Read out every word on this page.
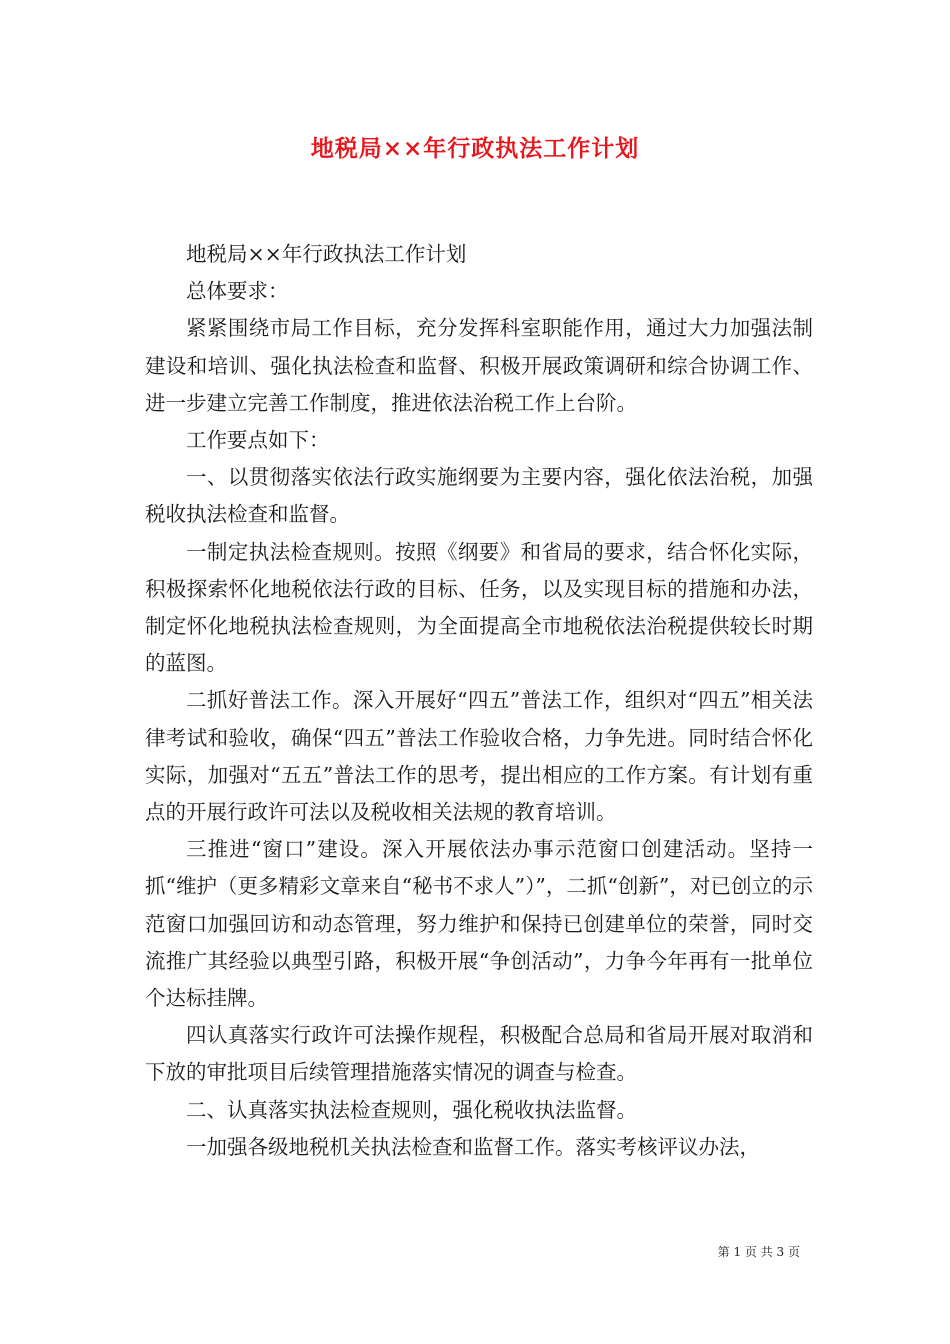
地税局××年行政执法工作计划

地税局××年行政执法工作计划

总体要求：

紧紧围绕市局工作目标，充分发挥科室职能作用，通过大力加强法制建设和培训、强化执法检查和监督、积极开展政策调研和综合协调工作、进一步建立完善工作制度，推进依法治税工作上台阶。

工作要点如下：

一、以贯彻落实依法行政实施纲要为主要内容，强化依法治税，加强税收执法检查和监督。

一制定执法检查规则。按照《纲要》和省局的要求，结合怀化实际，积极探索怀化地税依法行政的目标、任务，以及实现目标的措施和办法，制定怀化地税执法检查规则，为全面提高全市地税依法治税提供较长时期的蓝图。

二抓好普法工作。深入开展好“四五”普法工作，组织对“四五”相关法律考试和验收，确保“四五”普法工作验收合格，力争先进。同时结合怀化实际，加强对“五五”普法工作的思考，提出相应的工作方案。有计划有重点的开展行政许可法以及税收相关法规的教育培训。

三推进“窗口”建设。深入开展依法办事示范窗口创建活动。坚持一抓“维护（更多精彩文章来自“秘书不求人”）”，二抓“创新”，对已创立的示范窗口加强回访和动态管理，努力维护和保持已创建单位的荣誉，同时交流推广其经验以典型引路，积极开展“争创活动”，力争今年再有一批单位个达标挂牌。

四认真落实行政许可法操作规程，积极配合总局和省局开展对取消和下放的审批项目后续管理措施落实情况的调查与检查。

二、认真落实执法检查规则，强化税收执法监督。

一加强各级地税机关执法检查和监督工作。落实考核评议办法，

第 1 页 共 3 页
